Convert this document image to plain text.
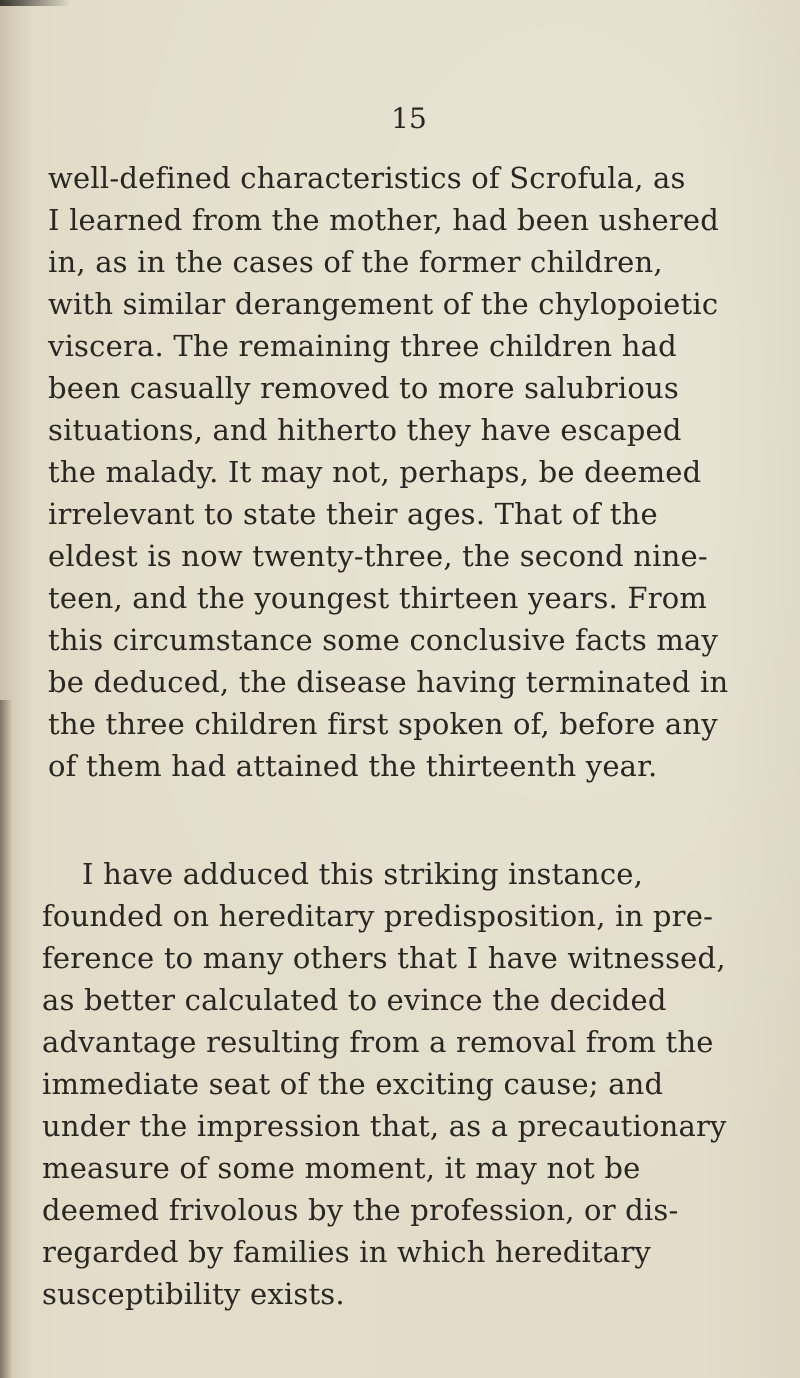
15
well-defined characteristics of Scrofula, as
I learned from the mother, had been ushered
in, as in the cases of the former children,
with similar derangement of the chylopoietic
viscera. The remaining three children had
been casually removed to more salubrious
situations, and hitherto they have escaped
the malady. It may not, perhaps, be deemed
irrelevant to state their ages. That of the
eldest is now twenty-three, the second nine-
teen, and the youngest thirteen years. From
this circumstance some conclusive facts may
be deduced, the disease having terminated in
the three children first spoken of, before any
of them had attained the thirteenth year.
I have adduced this striking instance,
founded on hereditary predisposition, in pre-
ference to many others that I have witnessed,
as better calculated to evince the decided
advantage resulting from a removal from the
immediate seat of the exciting cause; and
under the impression that, as a precautionary
measure of some moment, it may not be
deemed frivolous by the profession, or dis-
regarded by families in which hereditary
susceptibility exists.
